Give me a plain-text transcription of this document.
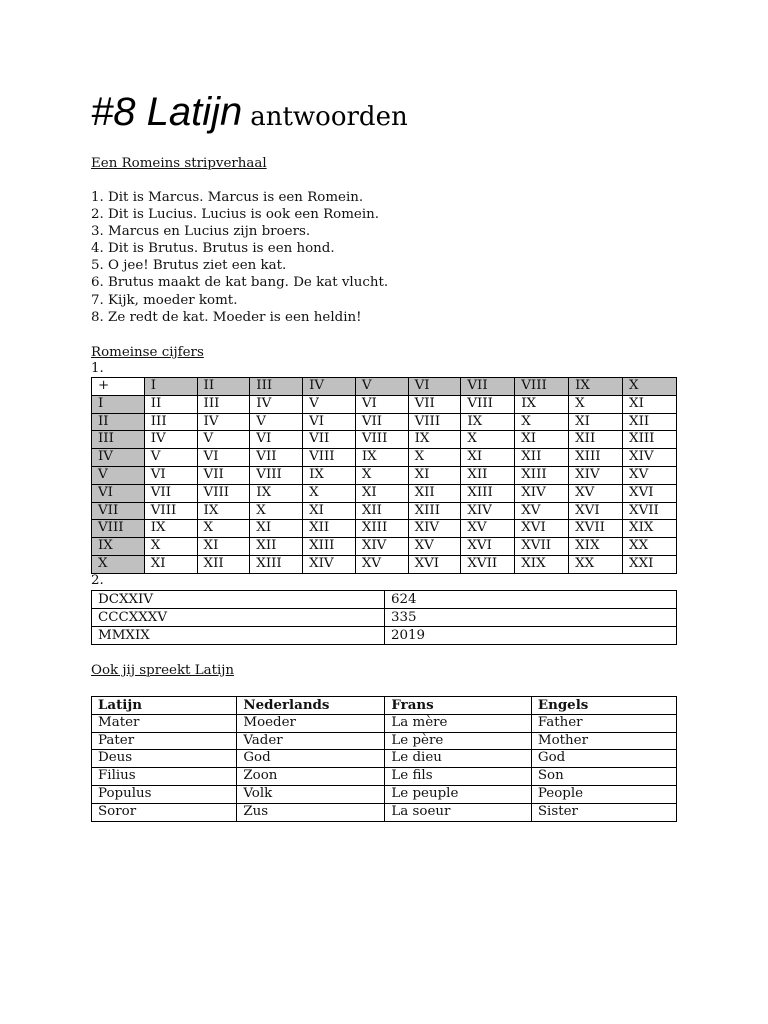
#8 Latijn antwoorden

Een Romeins stripverhaal

1. Dit is Marcus. Marcus is een Romein.
2. Dit is Lucius. Lucius is ook een Romein.
3. Marcus en Lucius zijn broers.
4. Dit is Brutus. Brutus is een hond.
5. O jee! Brutus ziet een kat.
6. Brutus maakt de kat bang. De kat vlucht.
7. Kijk, moeder komt.
8. Ze redt de kat. Moeder is een heldin!

Romeinse cijfers

1.

+	I	II	III	IV	V	VI	VII	VIII	IX	X
I	II	III	IV	V	VI	VII	VIII	IX	X	XI
II	III	IV	V	VI	VII	VIII	IX	X	XI	XII
III	IV	V	VI	VII	VIII	IX	X	XI	XII	XIII
IV	V	VI	VII	VIII	IX	X	XI	XII	XIII	XIV
V	VI	VII	VIII	IX	X	XI	XII	XIII	XIV	XV
VI	VII	VIII	IX	X	XI	XII	XIII	XIV	XV	XVI
VII	VIII	IX	X	XI	XII	XIII	XIV	XV	XVI	XVII
VIII	IX	X	XI	XII	XIII	XIV	XV	XVI	XVII	XIX
IX	X	XI	XII	XIII	XIV	XV	XVI	XVII	XIX	XX
X	XI	XII	XIII	XIV	XV	XVI	XVII	XIX	XX	XXI

2.

DCXXIV	624
CCCXXXV	335
MMXIX	2019

Ook jij spreekt Latijn

Latijn	Nederlands	Frans	Engels
Mater	Moeder	La mère	Father
Pater	Vader	Le père	Mother
Deus	God	Le dieu	God
Filius	Zoon	Le fils	Son
Populus	Volk	Le peuple	People
Soror	Zus	La soeur	Sister
